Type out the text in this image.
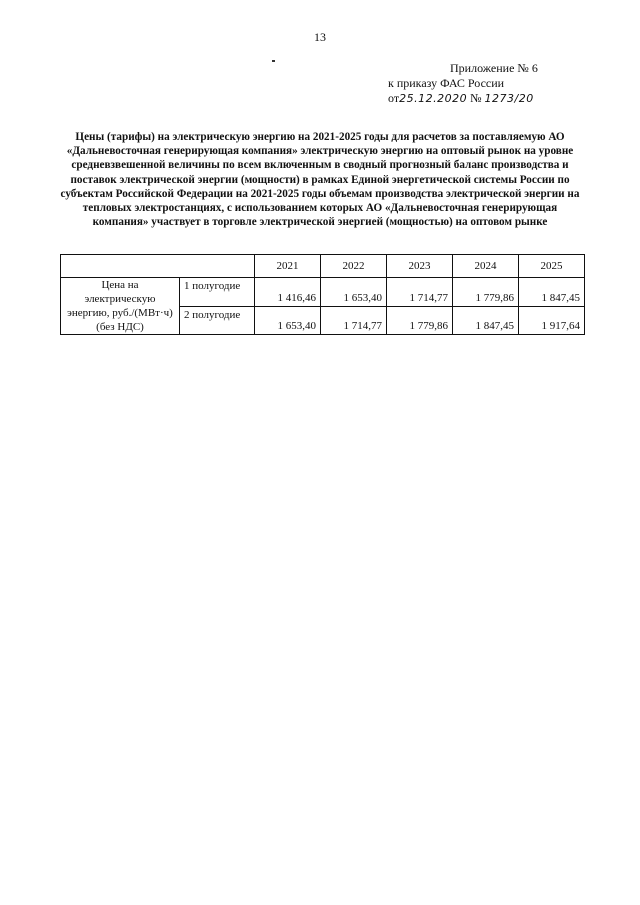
13
Приложение № 6
к приказу ФАС России
от25.12.2020 № 1273/20
Цены (тарифы) на электрическую энергию на 2021-2025 годы для расчетов за поставляемую АО «Дальневосточная генерирующая компания» электрическую энергию на оптовый рынок на уровне средневзвешенной величины по всем включенным в сводный прогнозный баланс производства и поставок электрической энергии (мощности) в рамках Единой энергетической системы России по субъектам Российской Федерации на 2021-2025 годы объемам производства электрической энергии на тепловых электростанциях, с использованием которых АО «Дальневосточная генерирующая компания» участвует в торговле электрической энергией (мощностью) на оптовом рынке
		2021	2022	2023	2024	2025
Цена на электрическую энергию, руб./(МВт·ч) (без НДС)	1 полугодие	1 416,46	1 653,40	1 714,77	1 779,86	1 847,45
	2 полугодие	1 653,40	1 714,77	1 779,86	1 847,45	1 917,64
